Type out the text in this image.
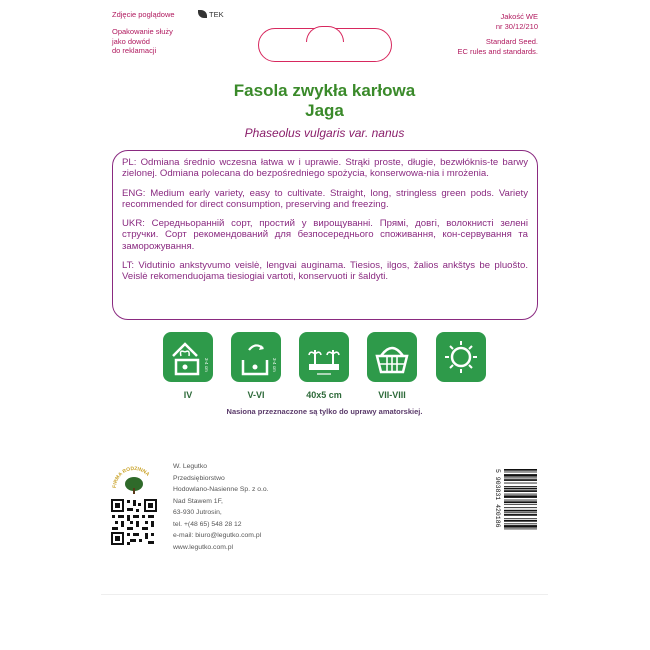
Zdjęcie poglądowe	TEK
Opakowanie służy
jako dowód
do reklamacji
Jakość WE
nr 30/12/210
Standard Seed.
EC rules and standards.
Fasola zwykła karłowa
Jaga
Phaseolus vulgaris var. nanus

PL: Odmiana średnio wczesna łatwa w i uprawie. Strąki proste, długie, bezwłóknis-te barwy zielonej. Odmiana polecana do bezpośredniego spożycia, konserwowa-nia i mrożenia.

ENG: Medium early variety, easy to cultivate. Straight, long, stringless green pods. Variety recommended for direct consumption, preserving and freezing.

UKR: Середньоранній сорт, простий у вирощуванні. Прямі, довгі, волокнисті зелені стручки. Сорт рекомендований для безпосереднього споживання, кон-сервування та заморожування.

LT: Vidutinio ankstyvumo veislė, lengvai auginama. Tiesios, ilgos, žalios ankštys be pluošto. Veislė rekomenduojama tiesiogiai vartoti, konservuoti ir šaldyti.

3-4 cm	3-4 cm
IV	V-VI	40x5 cm	VII-VIII
Nasiona przeznaczone są tylko do uprawy amatorskiej.
FIRMA RODZINNA
W. Legutko
Przedsiębiorstwo
Hodowlano-Nasienne Sp. z o.o.
Nad Stawem 1F,
63-930 Jutrosin,
tel. +(48 65) 548 28 12
e-mail: biuro@legutko.com.pl
www.legutko.com.pl
5 903831 420186
